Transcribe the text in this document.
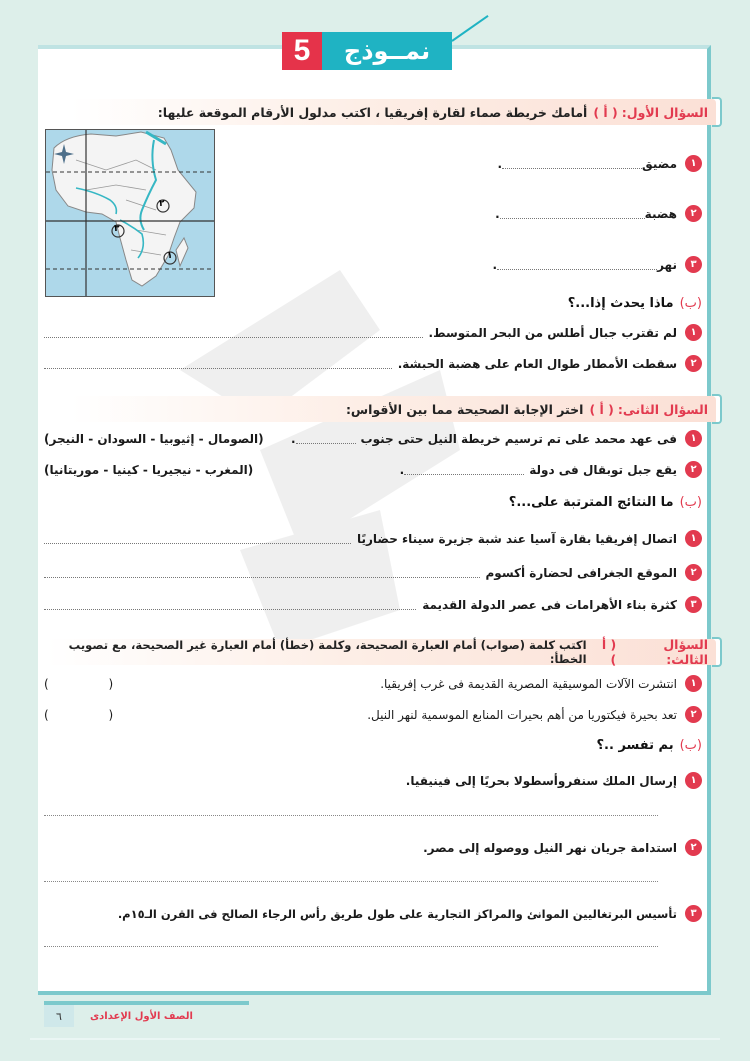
5	نمــوذج
السؤال الأول:
( أ )
أمامك خريطة صماء لقارة إفريقيا ، اكتب مدلول الأرقام الموقعة عليها:
٢
٣
١
١
مضيق
.
٢
هضبة
.
٣
نهر
.
(ب)
ماذا يحدث إذا...؟
١
لم تقترب جبال أطلس من البحر المتوسط.
٢
سقطت الأمطار طوال العام على هضبة الحبشة.
السؤال الثانى:
( أ )
اختر الإجابة الصحيحة مما بين الأقواس:
١
فى عهد محمد على تم ترسيم خريطة النيل حتى جنوب
.
(الصومال - إثيوبيا - السودان - النيجر)
٢
يقع جبل توبقال فى دولة
.
(المغرب - نيجيريا - كينيا - موريتانيا)
(ب)
ما النتائج المترتبة على...؟
١
اتصال إفريقيا بقارة آسيا عند شبة جزيرة سيناء حضاريًا
٢
الموقع الجغرافى لحضارة أكسوم
٣
كثرة بناء الأهرامات فى عصر الدولة القديمة
السؤال الثالث:
( أ )
اكتب كلمة (صواب) أمام العبارة الصحيحة، وكلمة (خطأ) أمام العبارة غير الصحيحة، مع تصويب الخطأ:
١
انتشرت الآلات الموسيقية المصرية القديمة فى غرب إفريقيا.
( )
٢
تعد بحيرة فيكتوريا من أهم بحيرات المنابع الموسمية لنهر النيل.
( )
(ب)
بم تفسر ..؟
١
إرسال الملك سنفروأسطولا بحريًا إلى فينيقيا.
٢
استدامة جريان نهر النيل ووصوله إلى مصر.
٣
تأسيس البرتغاليين الموانئ والمراكز التجارية على طول طريق رأس الرجاء الصالح فى القرن الـ١٥م.
٦	الصف الأول الإعدادى
